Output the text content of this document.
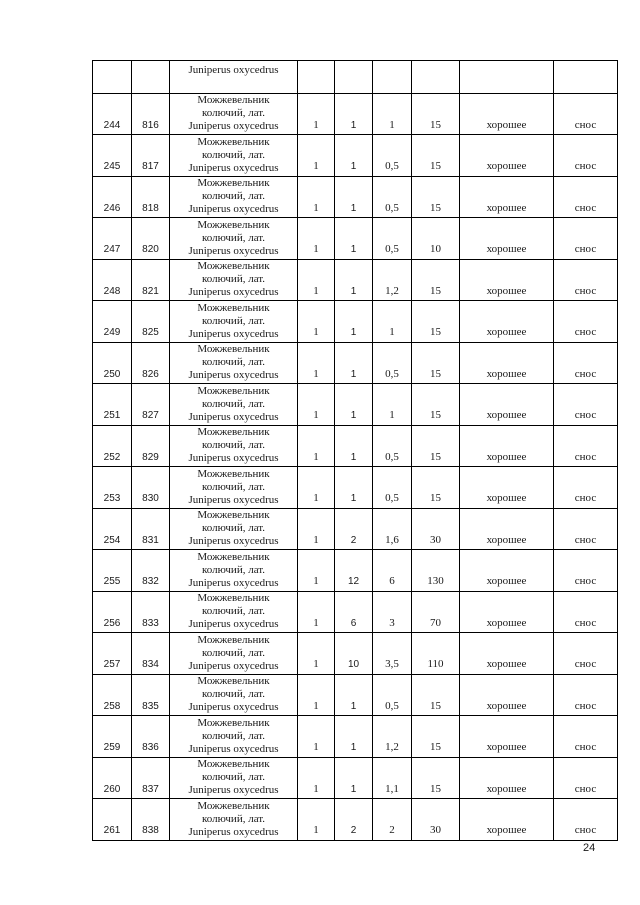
		Juniperus oxycedrus						
244	816	Можжевельник
колючий, лат.
Juniperus oxycedrus	1	1	1	15	хорошее	снос
245	817	Можжевельник
колючий, лат.
Juniperus oxycedrus	1	1	0,5	15	хорошее	снос
246	818	Можжевельник
колючий, лат.
Juniperus oxycedrus	1	1	0,5	15	хорошее	снос
247	820	Можжевельник
колючий, лат.
Juniperus oxycedrus	1	1	0,5	10	хорошее	снос
248	821	Можжевельник
колючий, лат.
Juniperus oxycedrus	1	1	1,2	15	хорошее	снос
249	825	Можжевельник
колючий, лат.
Juniperus oxycedrus	1	1	1	15	хорошее	снос
250	826	Можжевельник
колючий, лат.
Juniperus oxycedrus	1	1	0,5	15	хорошее	снос
251	827	Можжевельник
колючий, лат.
Juniperus oxycedrus	1	1	1	15	хорошее	снос
252	829	Можжевельник
колючий, лат.
Juniperus oxycedrus	1	1	0,5	15	хорошее	снос
253	830	Можжевельник
колючий, лат.
Juniperus oxycedrus	1	1	0,5	15	хорошее	снос
254	831	Можжевельник
колючий, лат.
Juniperus oxycedrus	1	2	1,6	30	хорошее	снос
255	832	Можжевельник
колючий, лат.
Juniperus oxycedrus	1	12	6	130	хорошее	снос
256	833	Можжевельник
колючий, лат.
Juniperus oxycedrus	1	6	3	70	хорошее	снос
257	834	Можжевельник
колючий, лат.
Juniperus oxycedrus	1	10	3,5	110	хорошее	снос
258	835	Можжевельник
колючий, лат.
Juniperus oxycedrus	1	1	0,5	15	хорошее	снос
259	836	Можжевельник
колючий, лат.
Juniperus oxycedrus	1	1	1,2	15	хорошее	снос
260	837	Можжевельник
колючий, лат.
Juniperus oxycedrus	1	1	1,1	15	хорошее	снос
261	838	Можжевельник
колючий, лат.
Juniperus oxycedrus	1	2	2	30	хорошее	снос
24
